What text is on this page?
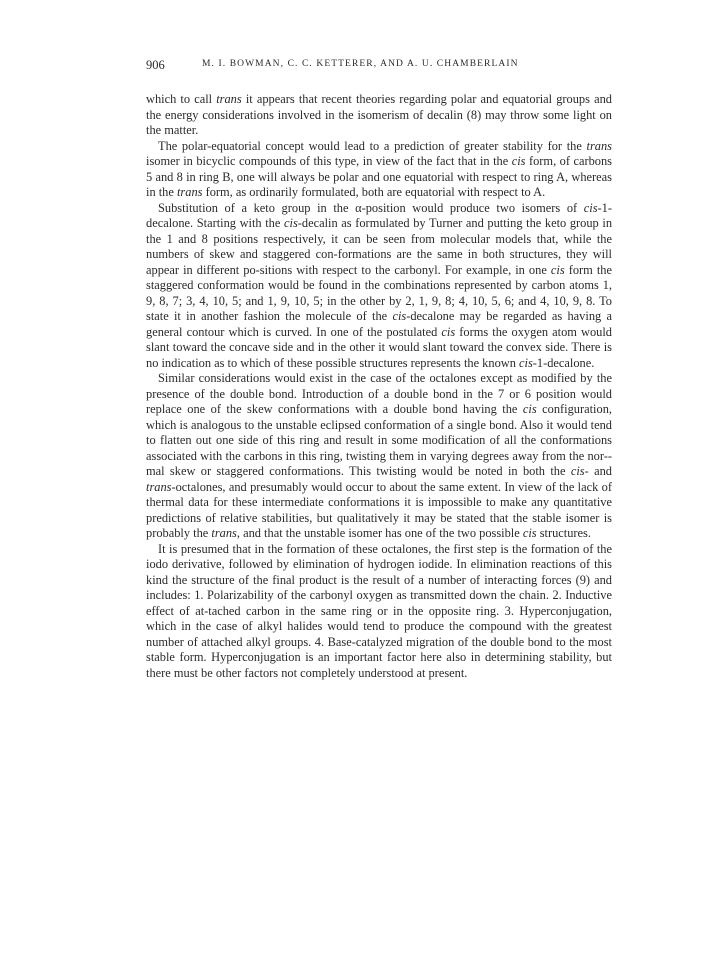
906	M. I. BOWMAN, C. C. KETTERER, AND A. U. CHAMBERLAIN

which to call trans it appears that recent theories regarding polar and equatorial groups and the energy considerations involved in the isomerism of decalin (8) may throw some light on the matter.

The polar-equatorial concept would lead to a prediction of greater stability for the trans isomer in bicyclic compounds of this type, in view of the fact that in the cis form, of carbons 5 and 8 in ring B, one will always be polar and one equatorial with respect to ring A, whereas in the trans form, as ordinarily formulated, both are equatorial with respect to A.

Substitution of a keto group in the α-position would produce two isomers of cis-1-decalone. Starting with the cis-decalin as formulated by Turner and putting the keto group in the 1 and 8 positions respectively, it can be seen from molecular models that, while the numbers of skew and staggered con-formations are the same in both structures, they will appear in different po-sitions with respect to the carbonyl. For example, in one cis form the staggered conformation would be found in the combinations represented by carbon atoms 1, 9, 8, 7; 3, 4, 10, 5; and 1, 9, 10, 5; in the other by 2, 1, 9, 8; 4, 10, 5, 6; and 4, 10, 9, 8. To state it in another fashion the molecule of the cis-decalone may be regarded as having a general contour which is curved. In one of the postulated cis forms the oxygen atom would slant toward the concave side and in the other it would slant toward the convex side. There is no indication as to which of these possible structures represents the known cis-1-decalone.

Similar considerations would exist in the case of the octalones except as modified by the presence of the double bond. Introduction of a double bond in the 7 or 6 position would replace one of the skew conformations with a double bond having the cis configuration, which is analogous to the unstable eclipsed conformation of a single bond. Also it would tend to flatten out one side of this ring and result in some modification of all the conformations associated with the carbons in this ring, twisting them in varying degrees away from the nor-mal skew or staggered conformations. This twisting would be noted in both the cis- and trans-octalones, and presumably would occur to about the same extent. In view of the lack of thermal data for these intermediate conformations it is impossible to make any quantitative predictions of relative stabilities, but qualitatively it may be stated that the stable isomer is probably the trans, and that the unstable isomer has one of the two possible cis structures.

It is presumed that in the formation of these octalones, the first step is the formation of the iodo derivative, followed by elimination of hydrogen iodide. In elimination reactions of this kind the structure of the final product is the result of a number of interacting forces (9) and includes: 1. Polarizability of the carbonyl oxygen as transmitted down the chain. 2. Inductive effect of at-tached carbon in the same ring or in the opposite ring. 3. Hyperconjugation, which in the case of alkyl halides would tend to produce the compound with the greatest number of attached alkyl groups. 4. Base-catalyzed migration of the double bond to the most stable form. Hyperconjugation is an important factor here also in determining stability, but there must be other factors not completely understood at present.
